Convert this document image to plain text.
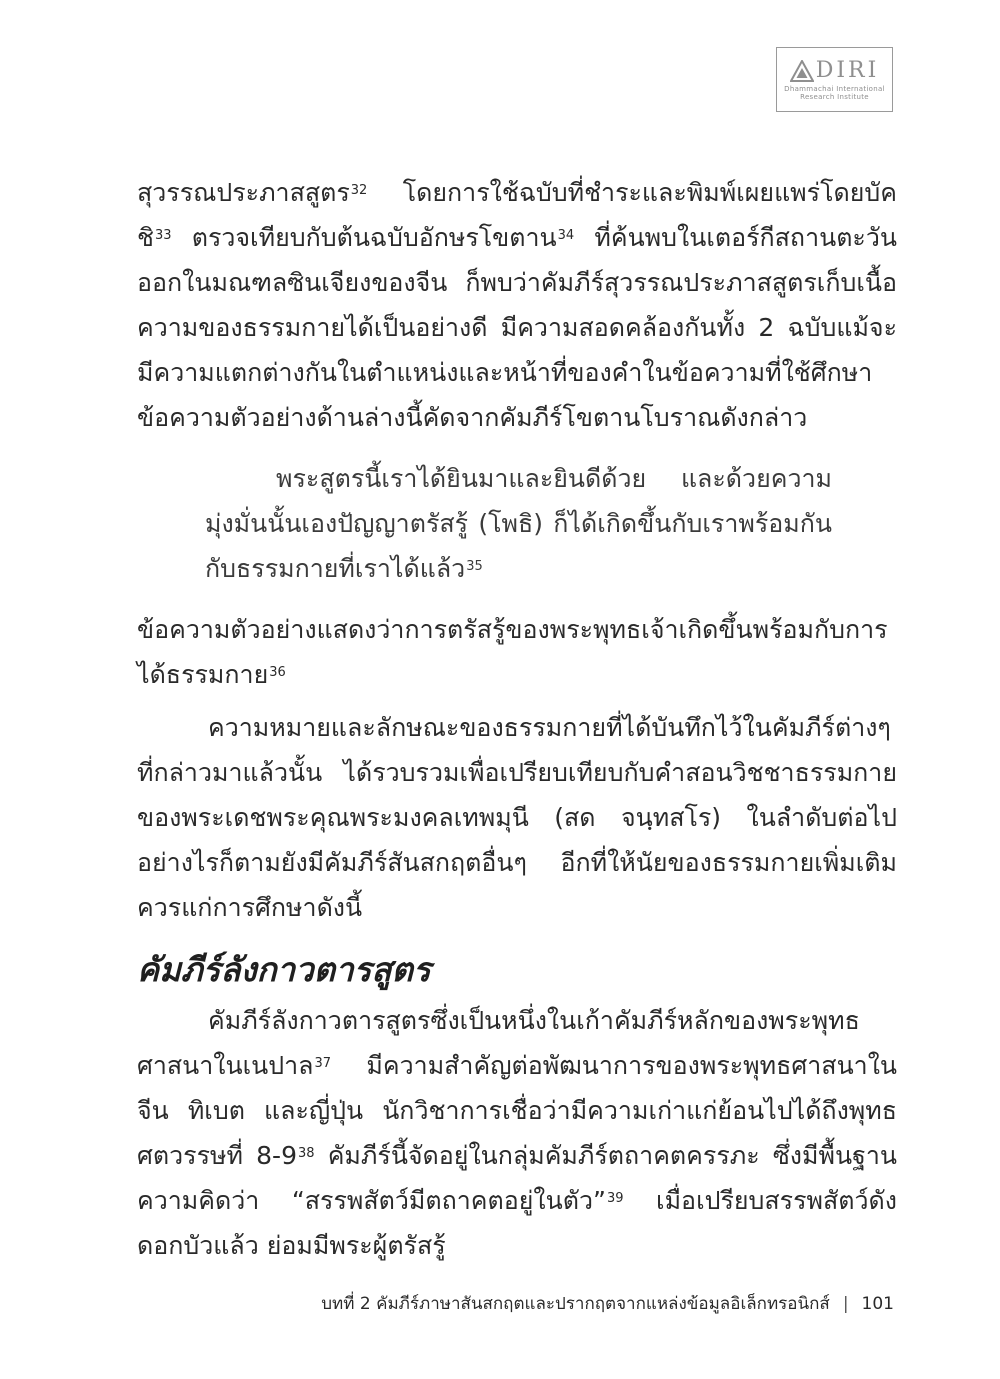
DIRI
Dhammachai International
Research Institute

สุวรรณประภาสสูตร$^{32}$ โดยการใช้ฉบับที่ชำระและพิมพ์เผยแพร่โดยบัคชิ$^{33}$ ตรวจเทียบกับต้นฉบับอักษรโขตาน$^{34}$ ที่ค้นพบในเตอร์กีสถานตะวันออกในมณฑลซินเจียงของจีน ก็พบว่าคัมภีร์สุวรรณประภาสสูตรเก็บเนื้อความของธรรมกายได้เป็นอย่างดี มีความสอดคล้องกันทั้ง 2 ฉบับแม้จะมีความแตกต่างกันในตำแหน่งและหน้าที่ของคำในข้อความที่ใช้ศึกษา ข้อความตัวอย่างด้านล่างนี้คัดจากคัมภีร์โขตานโบราณดังกล่าว

พระสูตรนี้เราได้ยินมาและยินดีด้วย และด้วยความมุ่งมั่นนั้นเองปัญญาตรัสรู้ (โพธิ) ก็ได้เกิดขึ้นกับเราพร้อมกันกับธรรมกายที่เราได้แล้ว$^{35}$

ข้อความตัวอย่างแสดงว่าการตรัสรู้ของพระพุทธเจ้าเกิดขึ้นพร้อมกับการได้ธรรมกาย$^{36}$

ความหมายและลักษณะของธรรมกายที่ได้บันทึกไว้ในคัมภีร์ต่างๆ ที่กล่าวมาแล้วนั้น ได้รวบรวมเพื่อเปรียบเทียบกับคำสอนวิชชาธรรมกายของพระเดชพระคุณพระมงคลเทพมุนี (สด จนฺทสโร) ในลำดับต่อไป อย่างไรก็ตามยังมีคัมภีร์สันสกฤตอื่นๆ อีกที่ให้นัยของธรรมกายเพิ่มเติมควรแก่การศึกษาดังนี้

คัมภีร์ลังกาวตารสูตร

คัมภีร์ลังกาวตารสูตรซึ่งเป็นหนึ่งในเก้าคัมภีร์หลักของพระพุทธศาสนาในเนปาล$^{37}$ มีความสำคัญต่อพัฒนาการของพระพุทธศาสนาในจีน ทิเบต และญี่ปุ่น นักวิชาการเชื่อว่ามีความเก่าแก่ย้อนไปได้ถึงพุทธศตวรรษที่ $8-9^{38}$ คัมภีร์นี้จัดอยู่ในกลุ่มคัมภีร์ตถาคตครรภะ ซึ่งมีพื้นฐานความคิดว่า “สรรพสัตว์มีตถาคตอยู่ในตัว”$^{39}$ เมื่อเปรียบสรรพสัตว์ดังดอกบัวแล้ว ย่อมมีพระผู้ตรัสรู้

บทที่ 2 คัมภีร์ภาษาสันสกฤตและปรากฤตจากแหล่งข้อมูลอิเล็กทรอนิกส์ | 101
